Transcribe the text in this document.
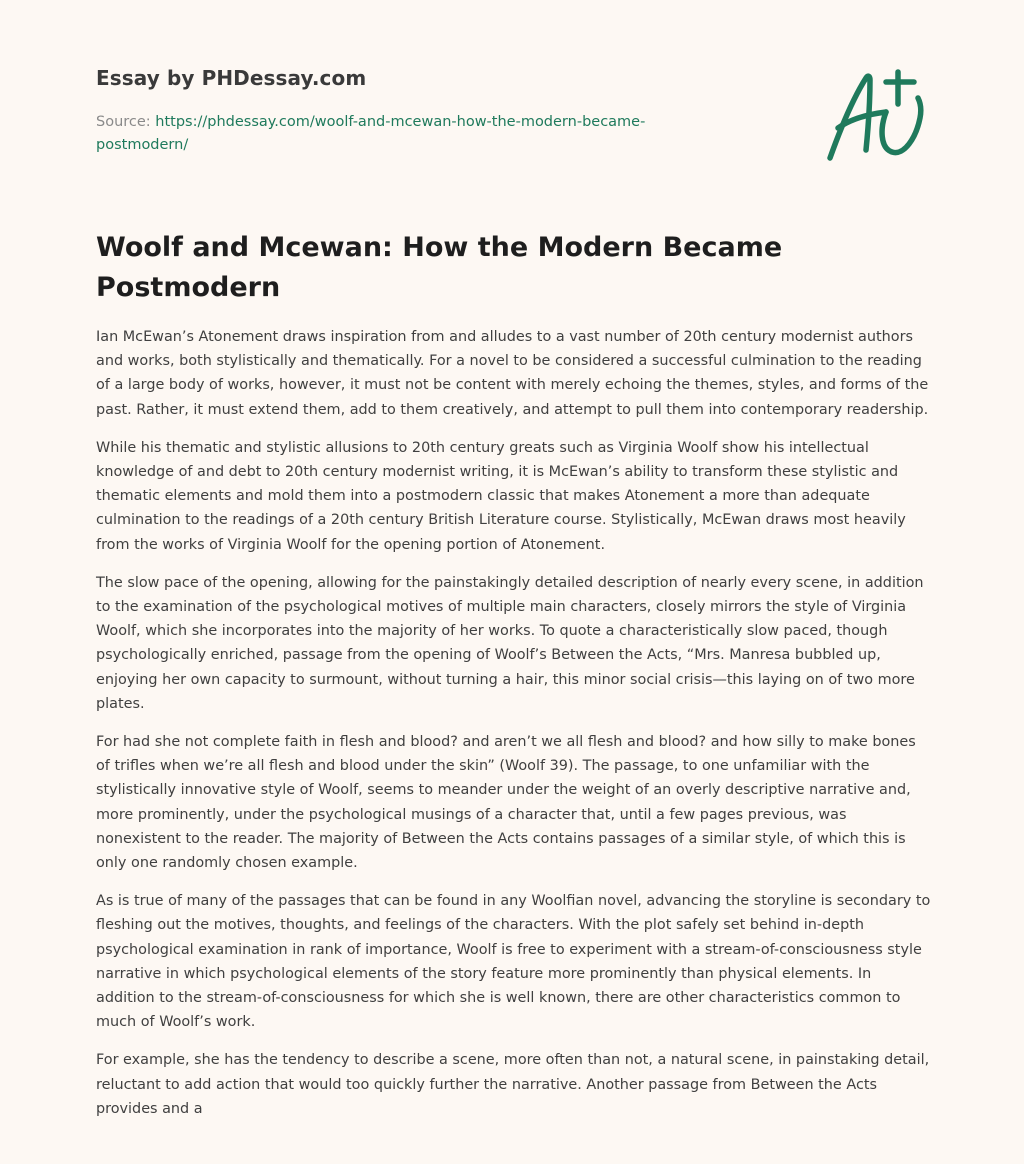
Essay by PHDessay.com
Source: https://phdessay.com/woolf-and-mcewan-how-the-modern-became-postmodern/
Woolf and Mcewan: How the Modern Became Postmodern

Ian McEwan’s Atonement draws inspiration from and alludes to a vast number of 20th century modernist authors and works, both stylistically and thematically. For a novel to be considered a successful culmination to the reading of a large body of works, however, it must not be content with merely echoing the themes, styles, and forms of the past. Rather, it must extend them, add to them creatively, and attempt to pull them into contemporary readership.

While his thematic and stylistic allusions to 20th century greats such as Virginia Woolf show his intellectual knowledge of and debt to 20th century modernist writing, it is McEwan’s ability to transform these stylistic and thematic elements and mold them into a postmodern classic that makes Atonement a more than adequate culmination to the readings of a 20th century British Literature course. Stylistically, McEwan draws most heavily from the works of Virginia Woolf for the opening portion of Atonement.

The slow pace of the opening, allowing for the painstakingly detailed description of nearly every scene, in addition to the examination of the psychological motives of multiple main characters, closely mirrors the style of Virginia Woolf, which she incorporates into the majority of her works. To quote a characteristically slow paced, though psychologically enriched, passage from the opening of Woolf’s Between the Acts, “Mrs. Manresa bubbled up, enjoying her own capacity to surmount, without turning a hair, this minor social crisis—this laying on of two more plates.

For had she not complete faith in flesh and blood? and aren’t we all flesh and blood? and how silly to make bones of trifles when we’re all flesh and blood under the skin” (Woolf 39). The passage, to one unfamiliar with the stylistically innovative style of Woolf, seems to meander under the weight of an overly descriptive narrative and, more prominently, under the psychological musings of a character that, until a few pages previous, was nonexistent to the reader. The majority of Between the Acts contains passages of a similar style, of which this is only one randomly chosen example.

As is true of many of the passages that can be found in any Woolfian novel, advancing the storyline is secondary to fleshing out the motives, thoughts, and feelings of the characters. With the plot safely set behind in-depth psychological examination in rank of importance, Woolf is free to experiment with a stream-of-consciousness style narrative in which psychological elements of the story feature more prominently than physical elements. In addition to the stream-of-consciousness for which she is well known, there are other characteristics common to much of Woolf’s work.

For example, she has the tendency to describe a scene, more often than not, a natural scene, in painstaking detail, reluctant to add action that would too quickly further the narrative. Another passage from Between the Acts provides and a
